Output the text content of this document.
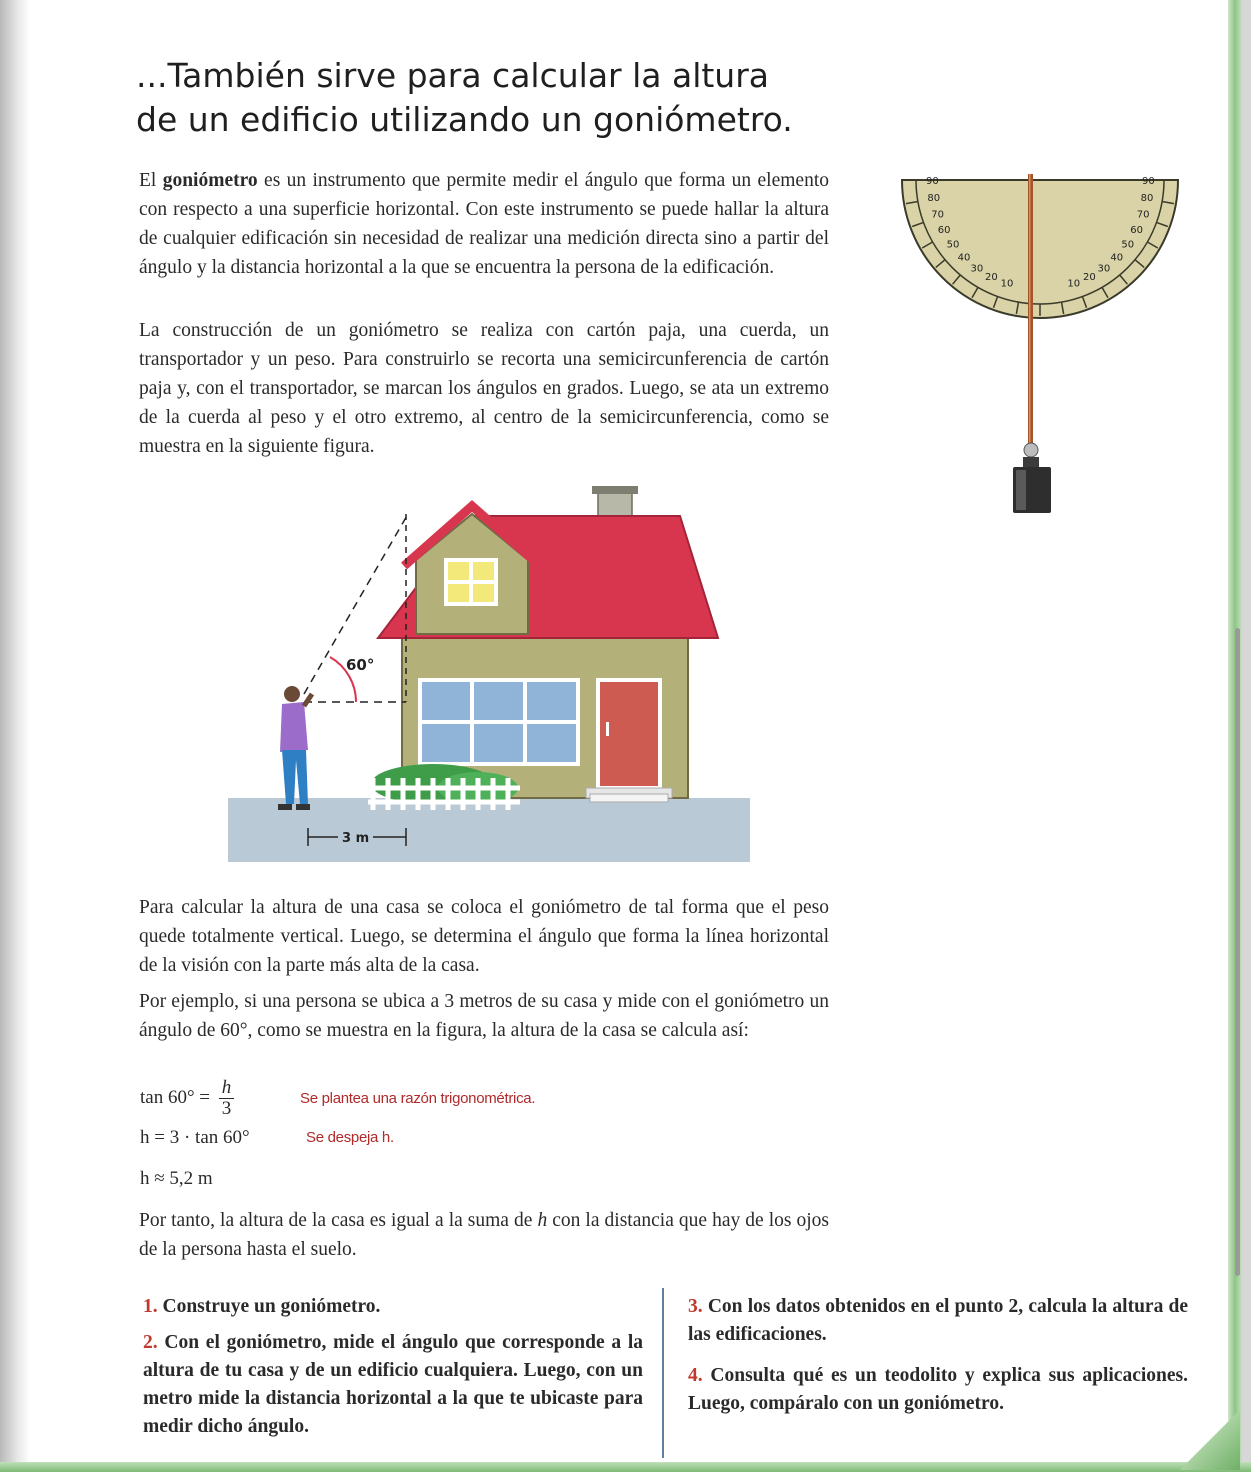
...También sirve para calcular la altura
de un edificio utilizando un goniómetro.

El goniómetro es un instrumento que permite medir el ángulo que forma un elemento con respecto a una superficie horizontal. Con este instrumento se puede hallar la altura de cualquier edificación sin necesidad de realizar una medición directa sino a partir del ángulo y la distancia horizontal a la que se encuentra la persona de la edificación.

La construcción de un goniómetro se realiza con cartón paja, una cuerda, un transportador y un peso. Para construirlo se recorta una semicircunferencia de cartón paja y, con el transportador, se marcan los ángulos en grados. Luego, se ata un extremo de la cuerda al peso y el otro extremo, al centro de la semicircunferencia, como se muestra en la siguiente figura.

90
80
70
60
50
40
30
20
10
90
80
70
60
50
40
30
20
10
60°
3 m

Para calcular la altura de una casa se coloca el goniómetro de tal forma que el peso quede totalmente vertical. Luego, se determina el ángulo que forma la línea horizontal de la visión con la parte más alta de la casa.

Por ejemplo, si una persona se ubica a 3 metros de su casa y mide con el goniómetro un ángulo de 60°, como se muestra en la figura, la altura de la casa se calcula así:

$\tan 60^\circ = \frac{h}{3}$	Se plantea una razón trigonométrica.
h = 3 · tan 60°	Se despeja h.
h ≈ 5,2 m

Por tanto, la altura de la casa es igual a la suma de h con la distancia que hay de los ojos de la persona hasta el suelo.

1. Construye un goniómetro.

2. Con el goniómetro, mide el ángulo que corresponde a la altura de tu casa y de un edificio cualquiera. Luego, con un metro mide la distancia horizontal a la que te ubicaste para medir dicho ángulo.

3. Con los datos obtenidos en el punto 2, calcula la altura de las edificaciones.

4. Consulta qué es un teodolito y explica sus aplicaciones. Luego, compáralo con un goniómetro.
